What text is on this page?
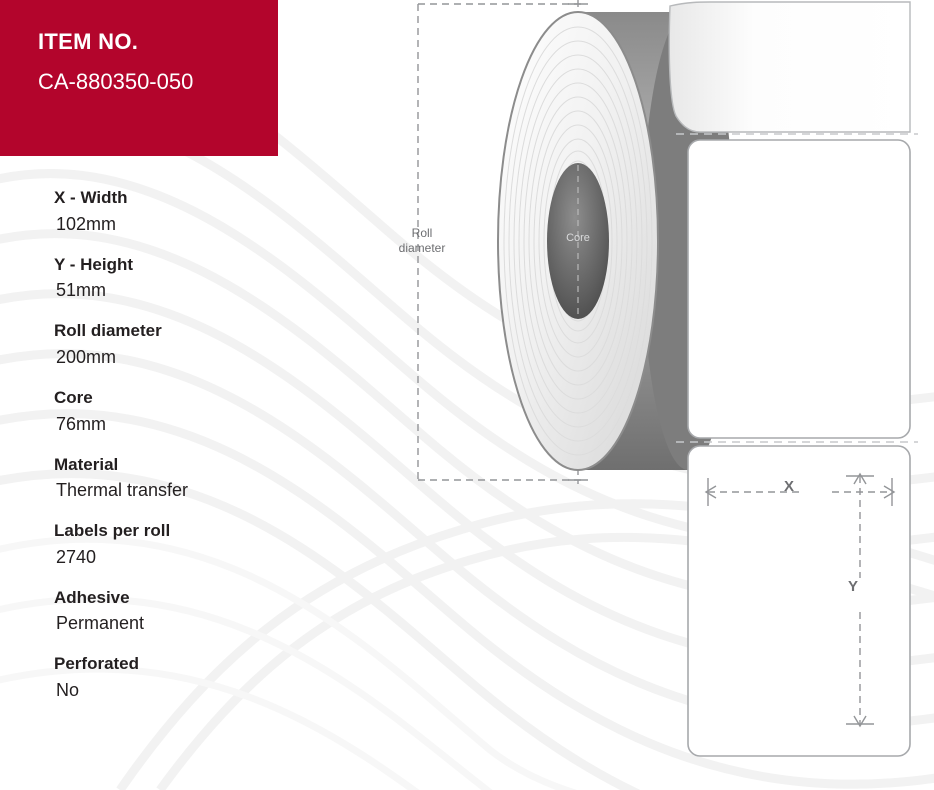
ITEM NO.
CA-880350-050
X - Width
102mm
Y - Height
51mm
Roll diameter
200mm
Core
76mm
Material
Thermal transfer
Labels per roll
2740
Adhesive
Permanent
Perforated
No
Roll
diameter
Core
X
Y
